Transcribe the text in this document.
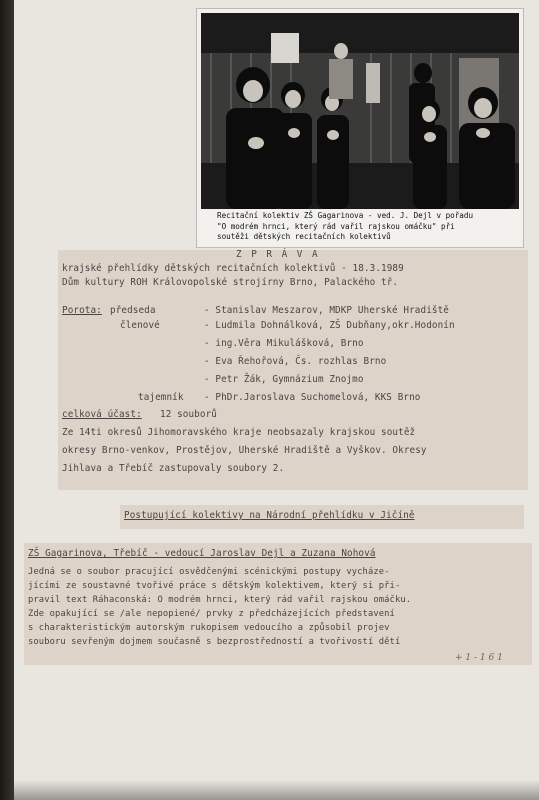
Recitační kolektiv ZŠ Gagarinova - ved. J. Dejl v pořadu
"O modrém hrnci, který rád vařil rajskou omáčku" při
soutěži dětských recitačních kolektivů
Z P R Á V A
krajské přehlídky dětských recitačních kolektivů - 18.3.1989
Dům kultury ROH Královopolské strojírny Brno, Palackého tř.
Porota: předseda	- Stanislav Meszarov, MDKP Uherské Hradiště
členové	- Ludmila Dohnálková, ZŠ Dubňany,okr.Hodonín
- ing.Věra Mikulášková, Brno
- Eva Řehořová, Čs. rozhlas Brno
- Petr Žák, Gymnázium Znojmo
tajemník - PhDr.Jaroslava Suchomelová, KKS Brno
celková účast: 12 souborů
Ze 14ti okresů Jihomoravského kraje neobsazaly krajskou soutěž
okresy Brno-venkov, Prostějov, Uherské Hradiště a Vyškov. Okresy
Jihlava a Třebíč zastupovaly soubory 2.
Postupující kolektivy na Národní přehlídku v Jičíně
ZŠ Gagarinova, Třebíč - vedoucí Jaroslav Dejl a Zuzana Nohová
Jedná se o soubor pracující osvědčenými scénickými postupy vycháze-
jícími ze soustavné tvořivé práce s dětským kolektivem, který si při-
pravil text Ráhaconská: O modrém hrnci, který rád vařil rajskou omáčku.
Zde opakující se /ale nepopiené/ prvky z předcházejících představení
s charakteristickým autorským rukopisem vedoucího a způsobil projev
souboru sevřeným dojmem současně s bezprostředností a tvořivostí dětí
+ 1 - 1 6 1
